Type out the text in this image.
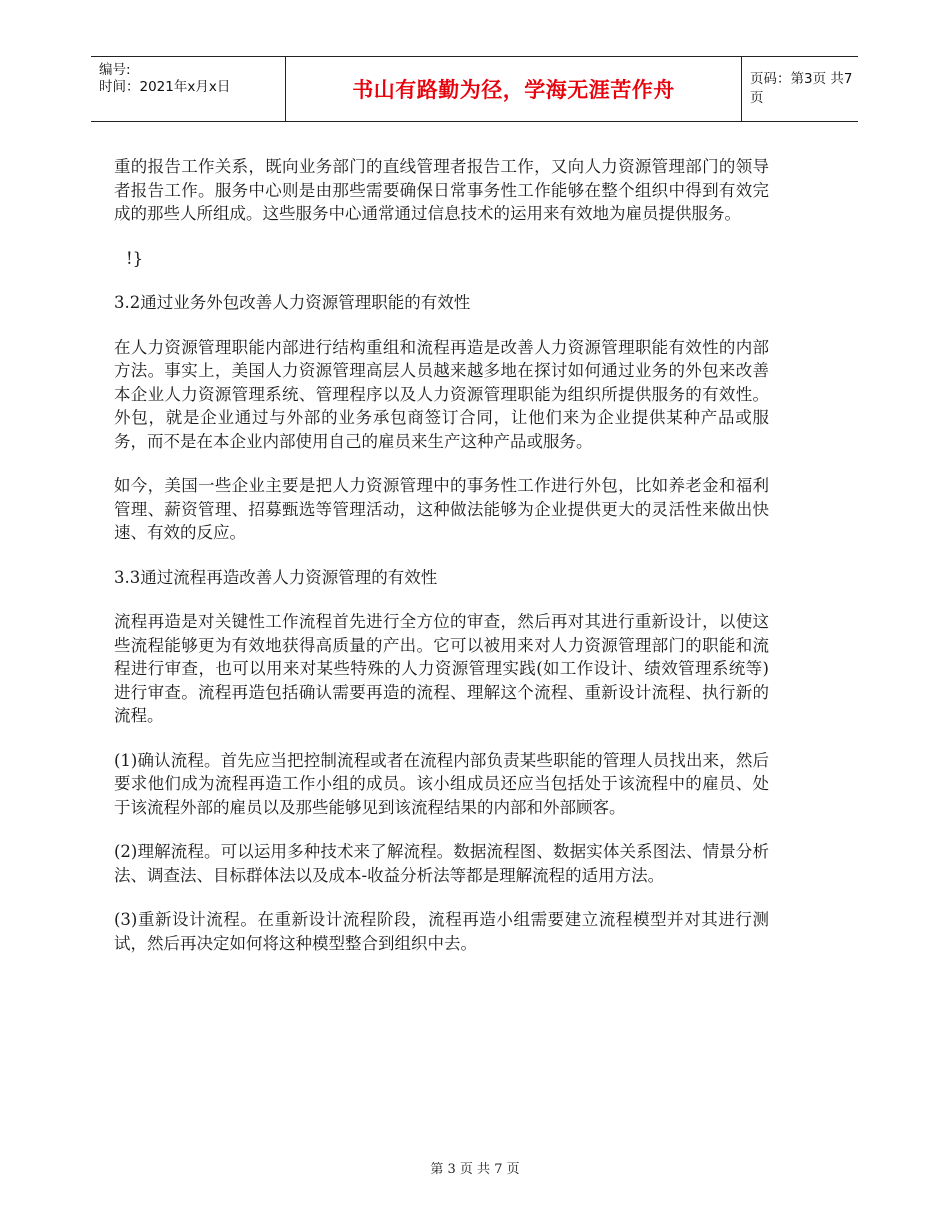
编号:
时间：2021年x月x日	书山有路勤为径，学海无涯苦作舟	页码：第3页 共7页

重的报告工作关系，既向业务部门的直线管理者报告工作，又向人力资源管理部门的领导者报告工作。服务中心则是由那些需要确保日常事务性工作能够在整个组织中得到有效完成的那些人所组成。这些服务中心通常通过信息技术的运用来有效地为雇员提供服务。

!}

3.2通过业务外包改善人力资源管理职能的有效性

在人力资源管理职能内部进行结构重组和流程再造是改善人力资源管理职能有效性的内部方法。事实上，美国人力资源管理高层人员越来越多地在探讨如何通过业务的外包来改善本企业人力资源管理系统、管理程序以及人力资源管理职能为组织所提供服务的有效性。外包，就是企业通过与外部的业务承包商签订合同，让他们来为企业提供某种产品或服务，而不是在本企业内部使用自己的雇员来生产这种产品或服务。

如今，美国一些企业主要是把人力资源管理中的事务性工作进行外包，比如养老金和福利管理、薪资管理、招募甄选等管理活动，这种做法能够为企业提供更大的灵活性来做出快速、有效的反应。

3.3通过流程再造改善人力资源管理的有效性

流程再造是对关键性工作流程首先进行全方位的审查，然后再对其进行重新设计，以使这些流程能够更为有效地获得高质量的产出。它可以被用来对人力资源管理部门的职能和流程进行审查，也可以用来对某些特殊的人力资源管理实践(如工作设计、绩效管理系统等)进行审查。流程再造包括确认需要再造的流程、理解这个流程、重新设计流程、执行新的流程。

(1)确认流程。首先应当把控制流程或者在流程内部负责某些职能的管理人员找出来，然后要求他们成为流程再造工作小组的成员。该小组成员还应当包括处于该流程中的雇员、处于该流程外部的雇员以及那些能够见到该流程结果的内部和外部顾客。

(2)理解流程。可以运用多种技术来了解流程。数据流程图、数据实体关系图法、情景分析法、调查法、目标群体法以及成本-收益分析法等都是理解流程的适用方法。

(3)重新设计流程。在重新设计流程阶段，流程再造小组需要建立流程模型并对其进行测试，然后再决定如何将这种模型整合到组织中去。

第 3 页 共 7 页
